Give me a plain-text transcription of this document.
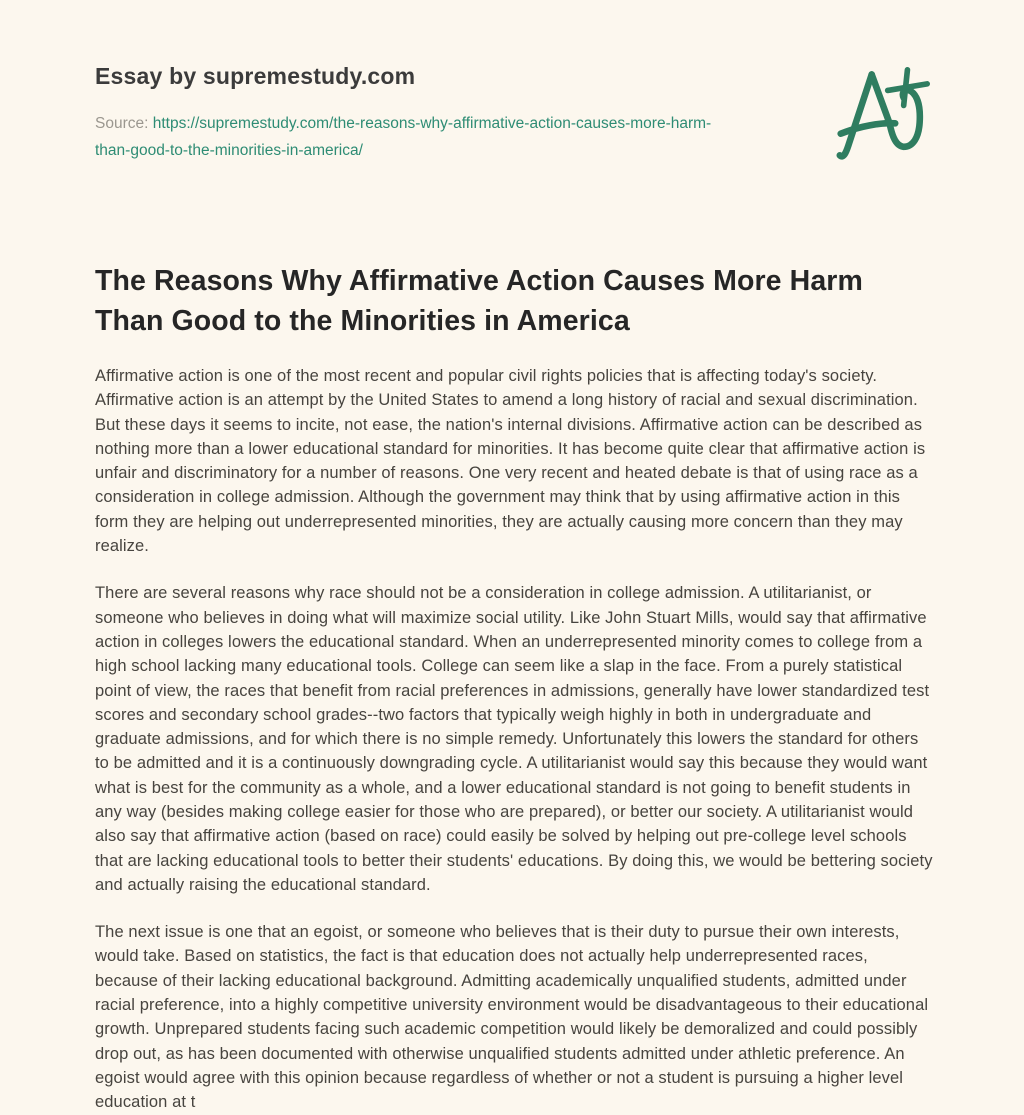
Essay by supremestudy.com
Source: https://supremestudy.com/the-reasons-why-affirmative-action-causes-more-harm-than-good-to-the-minorities-in-america/
The Reasons Why Affirmative Action Causes More Harm Than Good to the Minorities in America

Affirmative action is one of the most recent and popular civil rights policies that is affecting today's society. Affirmative action is an attempt by the United States to amend a long history of racial and sexual discrimination. But these days it seems to incite, not ease, the nation's internal divisions. Affirmative action can be described as nothing more than a lower educational standard for minorities. It has become quite clear that affirmative action is unfair and discriminatory for a number of reasons. One very recent and heated debate is that of using race as a consideration in college admission. Although the government may think that by using affirmative action in this form they are helping out underrepresented minorities, they are actually causing more concern than they may realize.

There are several reasons why race should not be a consideration in college admission. A utilitarianist, or someone who believes in doing what will maximize social utility. Like John Stuart Mills, would say that affirmative action in colleges lowers the educational standard. When an underrepresented minority comes to college from a high school lacking many educational tools. College can seem like a slap in the face. From a purely statistical point of view, the races that benefit from racial preferences in admissions, generally have lower standardized test scores and secondary school grades--two factors that typically weigh highly in both in undergraduate and graduate admissions, and for which there is no simple remedy. Unfortunately this lowers the standard for others to be admitted and it is a continuously downgrading cycle. A utilitarianist would say this because they would want what is best for the community as a whole, and a lower educational standard is not going to benefit students in any way (besides making college easier for those who are prepared), or better our society. A utilitarianist would also say that affirmative action (based on race) could easily be solved by helping out pre-college level schools that are lacking educational tools to better their students' educations. By doing this, we would be bettering society and actually raising the educational standard.

The next issue is one that an egoist, or someone who believes that is their duty to pursue their own interests, would take. Based on statistics, the fact is that education does not actually help underrepresented races, because of their lacking educational background. Admitting academically unqualified students, admitted under racial preference, into a highly competitive university environment would be disadvantageous to their educational growth. Unprepared students facing such academic competition would likely be demoralized and could possibly drop out, as has been documented with otherwise unqualified students admitted under athletic preference. An egoist would agree with this opinion because regardless of whether or not a student is pursuing a higher level education at t
